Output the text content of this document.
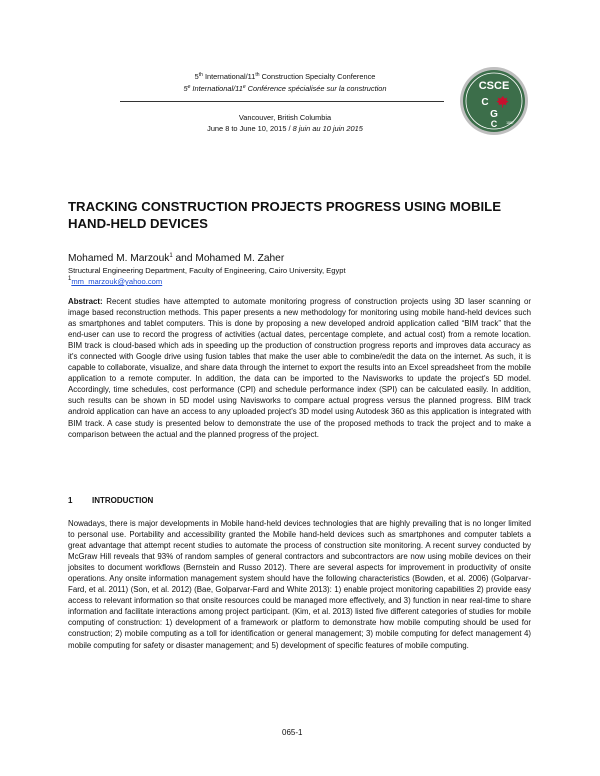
5th International/11th Construction Specialty Conference
5e International/11e Conférence spécialisée sur la construction
Vancouver, British Columbia
June 8 to June 10, 2015 / 8 juin au 10 juin 2015
CSCE
C
G
C	1887
TRACKING CONSTRUCTION PROJECTS PROGRESS USING MOBILE HAND-HELD DEVICES
Mohamed M. Marzouk$^1$ and Mohamed M. Zaher
Structural Engineering Department, Faculty of Engineering, Cairo University, Egypt
$^1$mm_marzouk@yahoo.com

Abstract: Recent studies have attempted to automate monitoring progress of construction projects using 3D laser scanning or image based reconstruction methods. This paper presents a new methodology for monitoring using mobile hand-held devices such as smartphones and tablet computers. This is done by proposing a new developed android application called “BIM track” that the end-user can use to record the progress of activities (actual dates, percentage complete, and actual cost) from a remote location. BIM track is cloud-based which ads in speeding up the production of construction progress reports and improves data accuracy as it's connected with Google drive using fusion tables that make the user able to combine/edit the data on the internet. As such, it is capable to collaborate, visualize, and share data through the internet to export the results into an Excel spreadsheet from the mobile application to a remote computer. In addition, the data can be imported to the Navisworks to update the project's 5D model. Accordingly, time schedules, cost performance (CPI) and schedule performance index (SPI) can be calculated easily. In addition, such results can be shown in 5D model using Navisworks to compare actual progress versus the planned progress. BIM track android application can have an access to any uploaded project's 3D model using Autodesk 360 as this application is integrated with BIM track. A case study is presented below to demonstrate the use of the proposed methods to track the project and to make a comparison between the actual and the planned progress of the project.

1 INTRODUCTION

Nowadays, there is major developments in Mobile hand-held devices technologies that are highly prevailing that is no longer limited to personal use. Portability and accessibility granted the Mobile hand-held devices such as smartphones and computer tablets a great advantage that attempt recent studies to automate the process of construction site monitoring. A recent survey conducted by McGraw Hill reveals that 93% of random samples of general contractors and subcontractors are now using mobile devices on their jobsites to document workflows (Bernstein and Russo 2012). There are several aspects for improvement in productivity of onsite operations. Any onsite information management system should have the following characteristics (Bowden, et al. 2006) (Golparvar-Fard, et al. 2011) (Son, et al. 2012) (Bae, Golparvar-Fard and White 2013): 1) enable project monitoring capabilities 2) provide easy access to relevant information so that onsite resources could be managed more effectively, and 3) function in near real-time to share information and facilitate interactions among project participant. (Kim, et al. 2013) listed five different categories of studies for mobile computing of construction: 1) development of a framework or platform to demonstrate how mobile computing should be used for construction; 2) mobile computing as a toll for identification or general management; 3) mobile computing for defect management 4) mobile computing for safety or disaster management; and 5) development of specific features of mobile computing.

065-1
